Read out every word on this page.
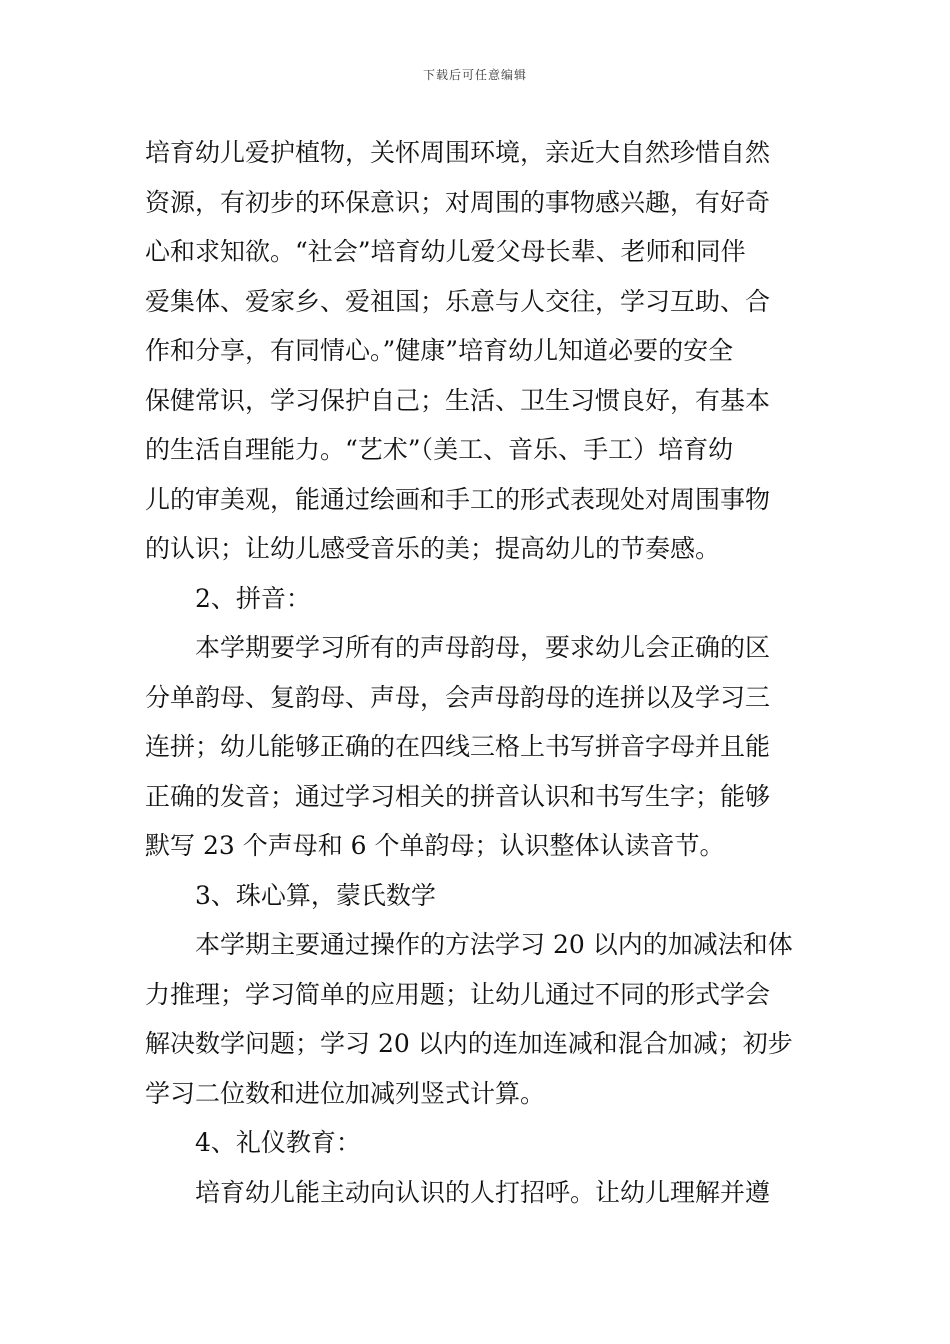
下载后可任意编辑
培育幼儿爱护植物，关怀周围环境，亲近大自然珍惜自然
资源，有初步的环保意识；对周围的事物感兴趣，有好奇
心和求知欲。“社会”培育幼儿爱父母长辈、老师和同伴
爱集体、爱家乡、爱祖国；乐意与人交往，学习互助、合
作和分享，有同情心。”健康”培育幼儿知道必要的安全
保健常识，学习保护自己；生活、卫生习惯良好，有基本
的生活自理能力。“艺术”（美工、音乐、手工）培育幼
儿的审美观，能通过绘画和手工的形式表现处对周围事物
的认识；让幼儿感受音乐的美；提高幼儿的节奏感。
2、拼音：
本学期要学习所有的声母韵母，要求幼儿会正确的区
分单韵母、复韵母、声母，会声母韵母的连拼以及学习三
连拼；幼儿能够正确的在四线三格上书写拼音字母并且能
正确的发音；通过学习相关的拼音认识和书写生字；能够
默写 23 个声母和 6 个单韵母；认识整体认读音节。
3、珠心算，蒙氏数学
本学期主要通过操作的方法学习 20 以内的加减法和体
力推理；学习简单的应用题；让幼儿通过不同的形式学会
解决数学问题；学习 20 以内的连加连减和混合加减；初步
学习二位数和进位加减列竖式计算。
4、礼仪教育：
培育幼儿能主动向认识的人打招呼。让幼儿理解并遵
